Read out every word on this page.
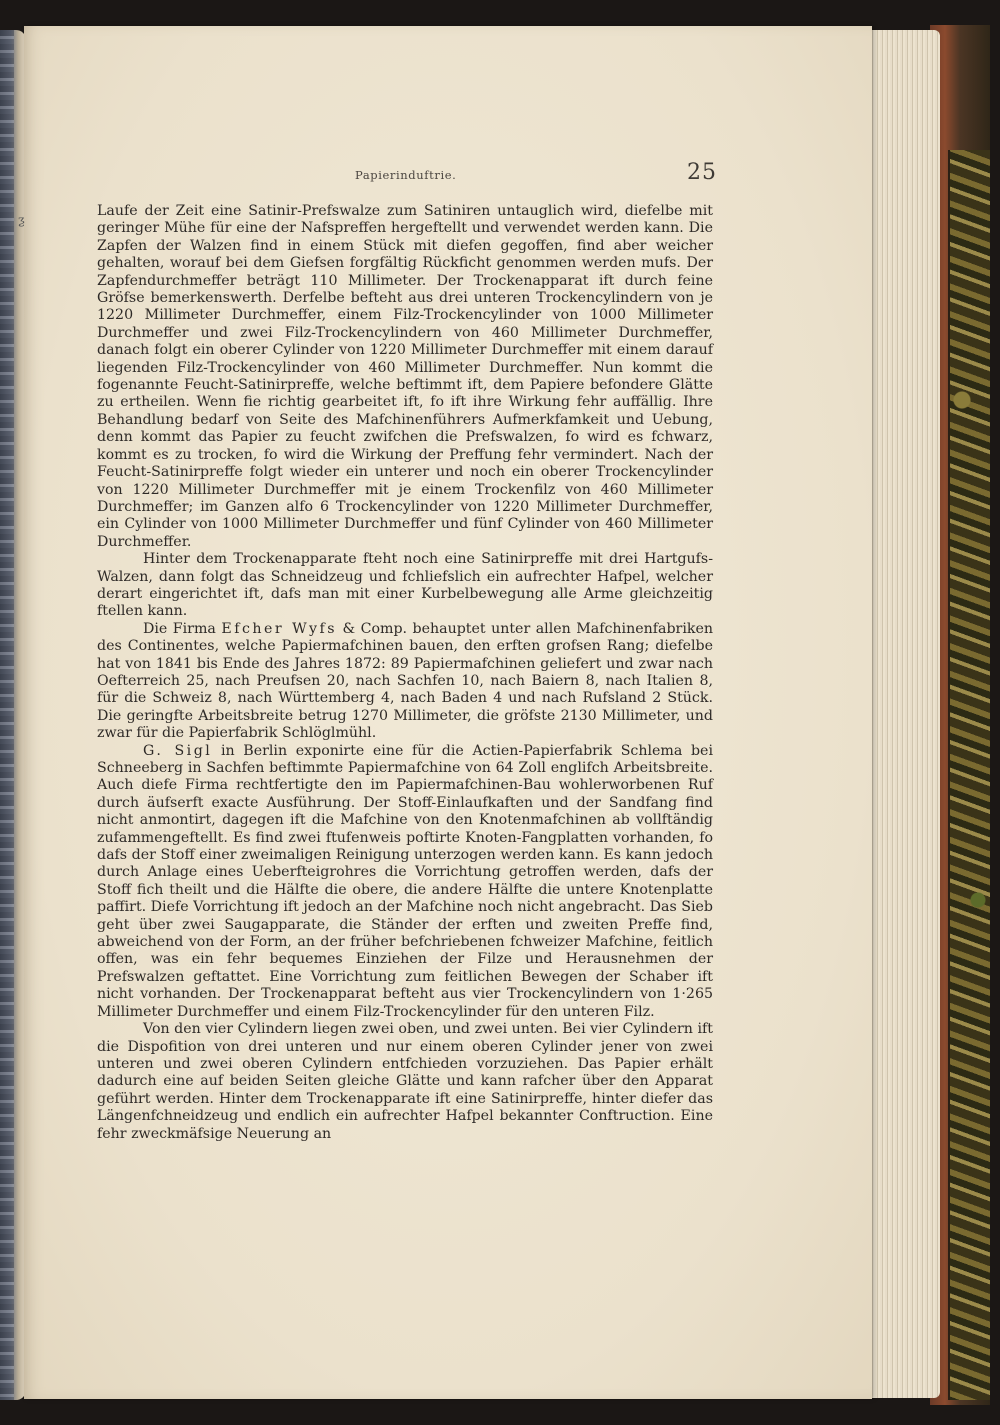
ƺ
Papierinduftrie.	25

Laufe der Zeit eine Satinir-Prefswalze zum Satiniren untauglich wird, diefelbe mit geringer Mühe für eine der Nafspreffen hergeftellt und verwendet werden kann. Die Zapfen der Walzen find in einem Stück mit diefen gegoffen, find aber weicher gehalten, worauf bei dem Giefsen forgfältig Rückficht genommen werden mufs. Der Zapfendurchmeffer beträgt 110 Millimeter. Der Trockenapparat ift durch feine Gröfse bemerkenswerth. Derfelbe befteht aus drei unteren Trockencylindern von je 1220 Millimeter Durchmeffer, einem Filz-Trockencylinder von 1000 Millimeter Durchmeffer und zwei Filz-Trockencylindern von 460 Millimeter Durchmeffer, danach folgt ein oberer Cylinder von 1220 Millimeter Durchmeffer mit einem darauf liegenden Filz-Trockencylinder von 460 Millimeter Durchmeffer. Nun kommt die fogenannte Feucht-Satinirpreffe, welche beftimmt ift, dem Papiere befondere Glätte zu ertheilen. Wenn fie richtig gearbeitet ift, fo ift ihre Wirkung fehr auffällig. Ihre Behandlung bedarf von Seite des Mafchinenführers Aufmerkfamkeit und Uebung, denn kommt das Papier zu feucht zwifchen die Prefswalzen, fo wird es fchwarz, kommt es zu trocken, fo wird die Wirkung der Preffung fehr vermindert. Nach der Feucht-Satinirpreffe folgt wieder ein unterer und noch ein oberer Trockencylinder von 1220 Millimeter Durchmeffer mit je einem Trockenfilz von 460 Millimeter Durchmeffer; im Ganzen alfo 6 Trockencylinder von 1220 Millimeter Durchmeffer, ein Cylinder von 1000 Millimeter Durchmeffer und fünf Cylinder von 460 Millimeter Durchmeffer.

Hinter dem Trockenapparate fteht noch eine Satinirpreffe mit drei Hartgufs-Walzen, dann folgt das Schneidzeug und fchliefslich ein aufrechter Hafpel, welcher derart eingerichtet ift, dafs man mit einer Kurbelbewegung alle Arme gleichzeitig ftellen kann.

Die Firma Efcher Wyfs & Comp. behauptet unter allen Mafchinenfabriken des Continentes, welche Papiermafchinen bauen, den erften grofsen Rang; diefelbe hat von 1841 bis Ende des Jahres 1872: 89 Papiermafchinen geliefert und zwar nach Oefterreich 25, nach Preufsen 20, nach Sachfen 10, nach Baiern 8, nach Italien 8, für die Schweiz 8, nach Württemberg 4, nach Baden 4 und nach Rufsland 2 Stück. Die geringfte Arbeitsbreite betrug 1270 Millimeter, die gröfste 2130 Millimeter, und zwar für die Papierfabrik Schlöglmühl.

G. Sigl in Berlin exponirte eine für die Actien-Papierfabrik Schlema bei Schneeberg in Sachfen beftimmte Papiermafchine von 64 Zoll englifch Arbeitsbreite. Auch diefe Firma rechtfertigte den im Papiermafchinen-Bau wohlerworbenen Ruf durch äufserft exacte Ausführung. Der Stoff-Einlaufkaften und der Sandfang find nicht anmontirt, dagegen ift die Mafchine von den Knotenmafchinen ab vollftändig zufammengeftellt. Es find zwei ftufenweis poftirte Knoten-Fangplatten vorhanden, fo dafs der Stoff einer zweimaligen Reinigung unterzogen werden kann. Es kann jedoch durch Anlage eines Ueberfteigrohres die Vorrichtung getroffen werden, dafs der Stoff fich theilt und die Hälfte die obere, die andere Hälfte die untere Knotenplatte paffirt. Diefe Vorrichtung ift jedoch an der Mafchine noch nicht angebracht. Das Sieb geht über zwei Saugapparate, die Ständer der erften und zweiten Preffe find, abweichend von der Form, an der früher befchriebenen fchweizer Mafchine, feitlich offen, was ein fehr bequemes Einziehen der Filze und Herausnehmen der Prefswalzen geftattet. Eine Vorrichtung zum feitlichen Bewegen der Schaber ift nicht vorhanden. Der Trockenapparat befteht aus vier Trockencylindern von 1·265 Millimeter Durchmeffer und einem Filz-Trockencylinder für den unteren Filz.

Von den vier Cylindern liegen zwei oben, und zwei unten. Bei vier Cylindern ift die Dispofition von drei unteren und nur einem oberen Cylinder jener von zwei unteren und zwei oberen Cylindern entfchieden vorzuziehen. Das Papier erhält dadurch eine auf beiden Seiten gleiche Glätte und kann rafcher über den Apparat geführt werden. Hinter dem Trockenapparate ift eine Satinirpreffe, hinter diefer das Längenfchneidzeug und endlich ein aufrechter Hafpel bekannter Conftruction. Eine fehr zweckmäfsige Neuerung an
